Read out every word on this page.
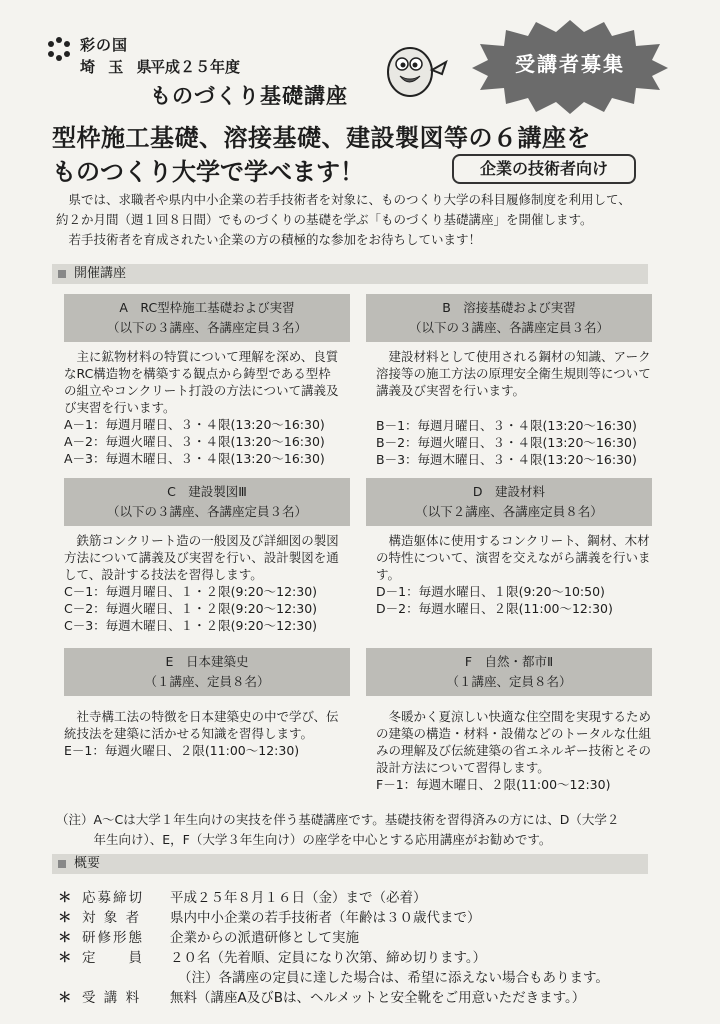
彩の国
埼 玉 県
平成２５年度
ものづくり基礎講座
受講者募集
型枠施工基礎、溶接基礎、建設製図等の６講座を
ものつくり大学で学べます！	企業の技術者向け

県では、求職者や県内中小企業の若手技術者を対象に、ものつくり大学の科目履修制度を利用して、

約２か月間（週１回８日間）でものづくりの基礎を学ぶ「ものづくり基礎講座」を開催します。

若手技術者を育成されたい企業の方の積極的な参加をお待ちしています！

開催講座
A　RC型枠施工基礎および実習
（以下の３講座、各講座定員３名）
主に鉱物材料の特質について理解を深め、良質
なRC構造物を構築する観点から鋳型である型枠
の組立やコンクリート打設の方法について講義及
び実習を行います。
A－1：毎週月曜日、３・４限(13:20～16:30)
A－2：毎週火曜日、３・４限(13:20～16:30)
A－3：毎週木曜日、３・４限(13:20～16:30)
B　溶接基礎および実習
（以下の３講座、各講座定員３名）
建設材料として使用される鋼材の知識、アーク
溶接等の施工方法の原理安全衛生規則等について
講義及び実習を行います。
B－1：毎週月曜日、３・４限(13:20～16:30)
B－2：毎週火曜日、３・４限(13:20～16:30)
B－3：毎週木曜日、３・４限(13:20～16:30)
C　建設製図Ⅲ
（以下の３講座、各講座定員３名）
鉄筋コンクリート造の一般図及び詳細図の製図
方法について講義及び実習を行い、設計製図を通
して、設計する技法を習得します。
C－1：毎週月曜日、１・２限(9:20～12:30)
C－2：毎週火曜日、１・２限(9:20～12:30)
C－3：毎週木曜日、１・２限(9:20～12:30)
D　建設材料
（以下２講座、各講座定員８名）
構造躯体に使用するコンクリート、鋼材、木材
の特性について、演習を交えながら講義を行いま
す。
D－1：毎週水曜日、１限(9:20～10:50)
D－2：毎週水曜日、２限(11:00～12:30)
E　日本建築史
（１講座、定員８名）
社寺構工法の特徴を日本建築史の中で学び、伝
統技法を建築に活かせる知識を習得します。
E－1：毎週火曜日、２限(11:00～12:30)
F　自然・都市Ⅱ
（１講座、定員８名）
冬暖かく夏涼しい快適な住空間を実現するため
の建築の構造・材料・設備などのトータルな仕組
みの理解及び伝統建築の省エネルギー技術とその
設計方法について習得します。
F－1：毎週木曜日、２限(11:00～12:30)

（注）A～Cは大学１年生向けの実技を伴う基礎講座です。基礎技術を習得済みの方には、D（大学２

年生向け）、E，F（大学３年生向け）の座学を中心とする応用講座がお勧めです。

概要
＊ 応募締切 平成２５年８月１６日（金）まで（必着）
＊ 対 象 者 県内中小企業の若手技術者（年齢は３０歳代まで）
＊ 研修形態 企業からの派遣研修として実施
＊ 定　　員 ２０名（先着順、定員になり次第、締め切ります。）
（注）各講座の定員に達した場合は、希望に添えない場合もあります。
＊ 受 講 料 無料（講座A及びBは、ヘルメットと安全靴をご用意いただきます。）
